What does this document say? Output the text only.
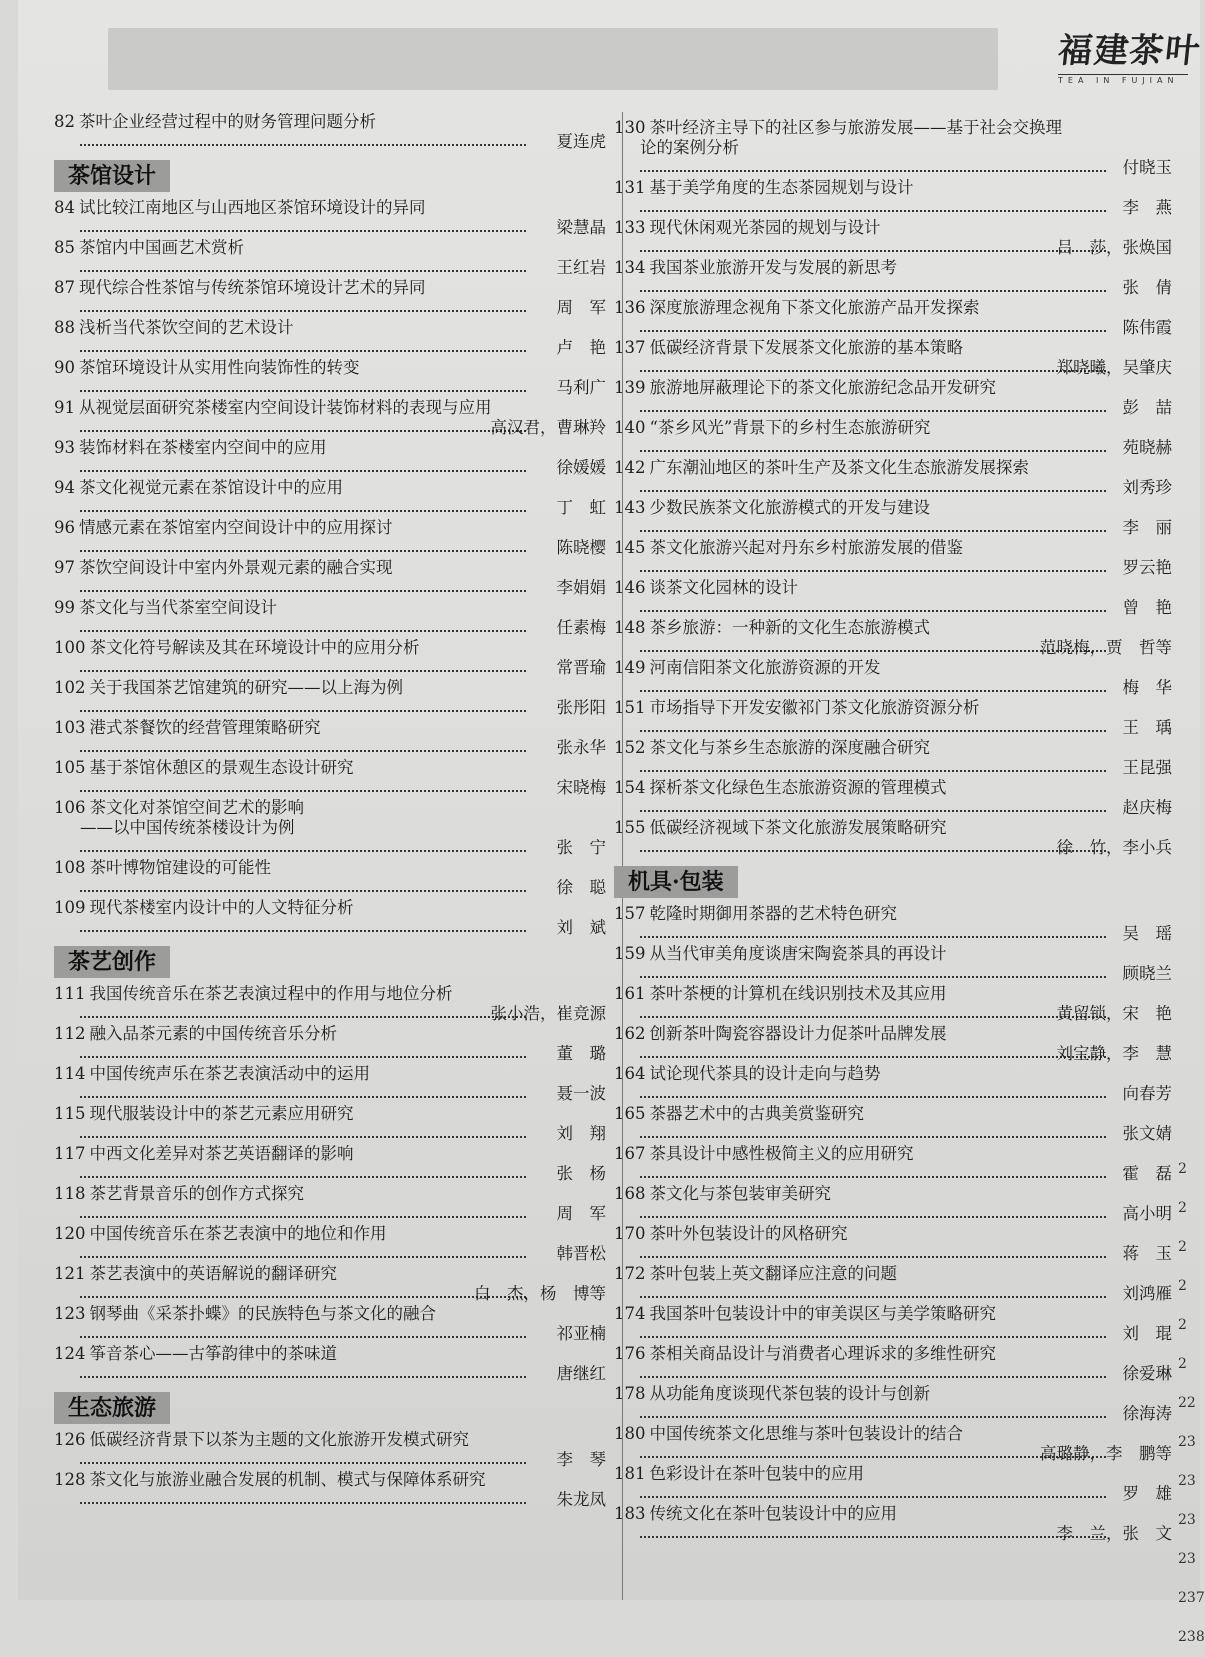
福
建
茶
叶
TEA IN FUJIAN
82 茶叶企业经营过程中的财务管理问题分析
夏连虎
茶馆设计
84 试比较江南地区与山西地区茶馆环境设计的异同
梁慧晶
85 茶馆内中国画艺术赏析
王红岩
87 现代综合性茶馆与传统茶馆环境设计艺术的异同
周　军
88 浅析当代茶饮空间的艺术设计
卢　艳
90 茶馆环境设计从实用性向装饰性的转变
马利广
91 从视觉层面研究茶楼室内空间设计装饰材料的表现与应用
高汉君，曹琳羚
93 装饰材料在茶楼室内空间中的应用
徐媛媛
94 茶文化视觉元素在茶馆设计中的应用
丁　虹
96 情感元素在茶馆室内空间设计中的应用探讨
陈晓樱
97 茶饮空间设计中室内外景观元素的融合实现
李娟娟
99 茶文化与当代茶室空间设计
任素梅
100 茶文化符号解读及其在环境设计中的应用分析
常晋瑜
102 关于我国茶艺馆建筑的研究——以上海为例
张彤阳
103 港式茶餐饮的经营管理策略研究
张永华
105 基于茶馆休憩区的景观生态设计研究
宋晓梅
106 茶文化对茶馆空间艺术的影响
——以中国传统茶楼设计为例
张　宁
108 茶叶博物馆建设的可能性
徐　聪
109 现代茶楼室内设计中的人文特征分析
刘　斌
茶艺创作
111 我国传统音乐在茶艺表演过程中的作用与地位分析
张小浩，崔竞源
112 融入品茶元素的中国传统音乐分析
董　璐
114 中国传统声乐在茶艺表演活动中的运用
聂一波
115 现代服装设计中的茶艺元素应用研究
刘　翔
117 中西文化差异对茶艺英语翻译的影响
张　杨
118 茶艺背景音乐的创作方式探究
周　军
120 中国传统音乐在茶艺表演中的地位和作用
韩晋松
121 茶艺表演中的英语解说的翻译研究
白　杰，杨　博等
123 钢琴曲《采茶扑蝶》的民族特色与茶文化的融合
祁亚楠
124 筝音茶心——古筝韵律中的茶味道
唐继红
生态旅游
126 低碳经济背景下以茶为主题的文化旅游开发模式研究
李　琴
128 茶文化与旅游业融合发展的机制、模式与保障体系研究
朱龙凤
130 茶叶经济主导下的社区参与旅游发展——基于社会交换理
论的案例分析
付晓玉
131 基于美学角度的生态茶园规划与设计
李　燕
133 现代休闲观光茶园的规划与设计
吕　莎，张焕国
134 我国茶业旅游开发与发展的新思考
张　倩
136 深度旅游理念视角下茶文化旅游产品开发探索
陈伟霞
137 低碳经济背景下发展茶文化旅游的基本策略
郑晓曦，吴肇庆
139 旅游地屏蔽理论下的茶文化旅游纪念品开发研究
彭　喆
140 “茶乡风光”背景下的乡村生态旅游研究
苑晓赫
142 广东潮汕地区的茶叶生产及茶文化生态旅游发展探索
刘秀珍
143 少数民族茶文化旅游模式的开发与建设
李　丽
145 茶文化旅游兴起对丹东乡村旅游发展的借鉴
罗云艳
146 谈茶文化园林的设计
曾　艳
148 茶乡旅游：一种新的文化生态旅游模式
范晓梅，贾　哲等
149 河南信阳茶文化旅游资源的开发
梅　华
151 市场指导下开发安徽祁门茶文化旅游资源分析
王　瑀
152 茶文化与茶乡生态旅游的深度融合研究
王昆强
154 探析茶文化绿色生态旅游资源的管理模式
赵庆梅
155 低碳经济视域下茶文化旅游发展策略研究
徐　竹，李小兵
机具·包装
157 乾隆时期御用茶器的艺术特色研究
吴　瑶
159 从当代审美角度谈唐宋陶瓷茶具的再设计
顾晓兰
161 茶叶茶梗的计算机在线识别技术及其应用
黄留锁，宋　艳
162 创新茶叶陶瓷容器设计力促茶叶品牌发展
刘宝静，李　慧
164 试论现代茶具的设计走向与趋势
向春芳
165 茶器艺术中的古典美赏鉴研究
张文婧
167 茶具设计中感性极简主义的应用研究
霍　磊
168 茶文化与茶包装审美研究
高小明
170 茶叶外包装设计的风格研究
蒋　玉
172 茶叶包装上英文翻译应注意的问题
刘鸿雁
174 我国茶叶包装设计中的审美误区与美学策略研究
刘　琨
176 茶相关商品设计与消费者心理诉求的多维性研究
徐爱琳
178 从功能角度谈现代茶包装的设计与创新
徐海涛
180 中国传统茶文化思维与茶叶包装设计的结合
高璐静，李　鹏等
181 色彩设计在茶叶包装中的应用
罗　雄
183 传统文化在茶叶包装设计中的应用
李　兰，张　文
2
2
2
2
2
2
22
23
23
23
23
237
238
